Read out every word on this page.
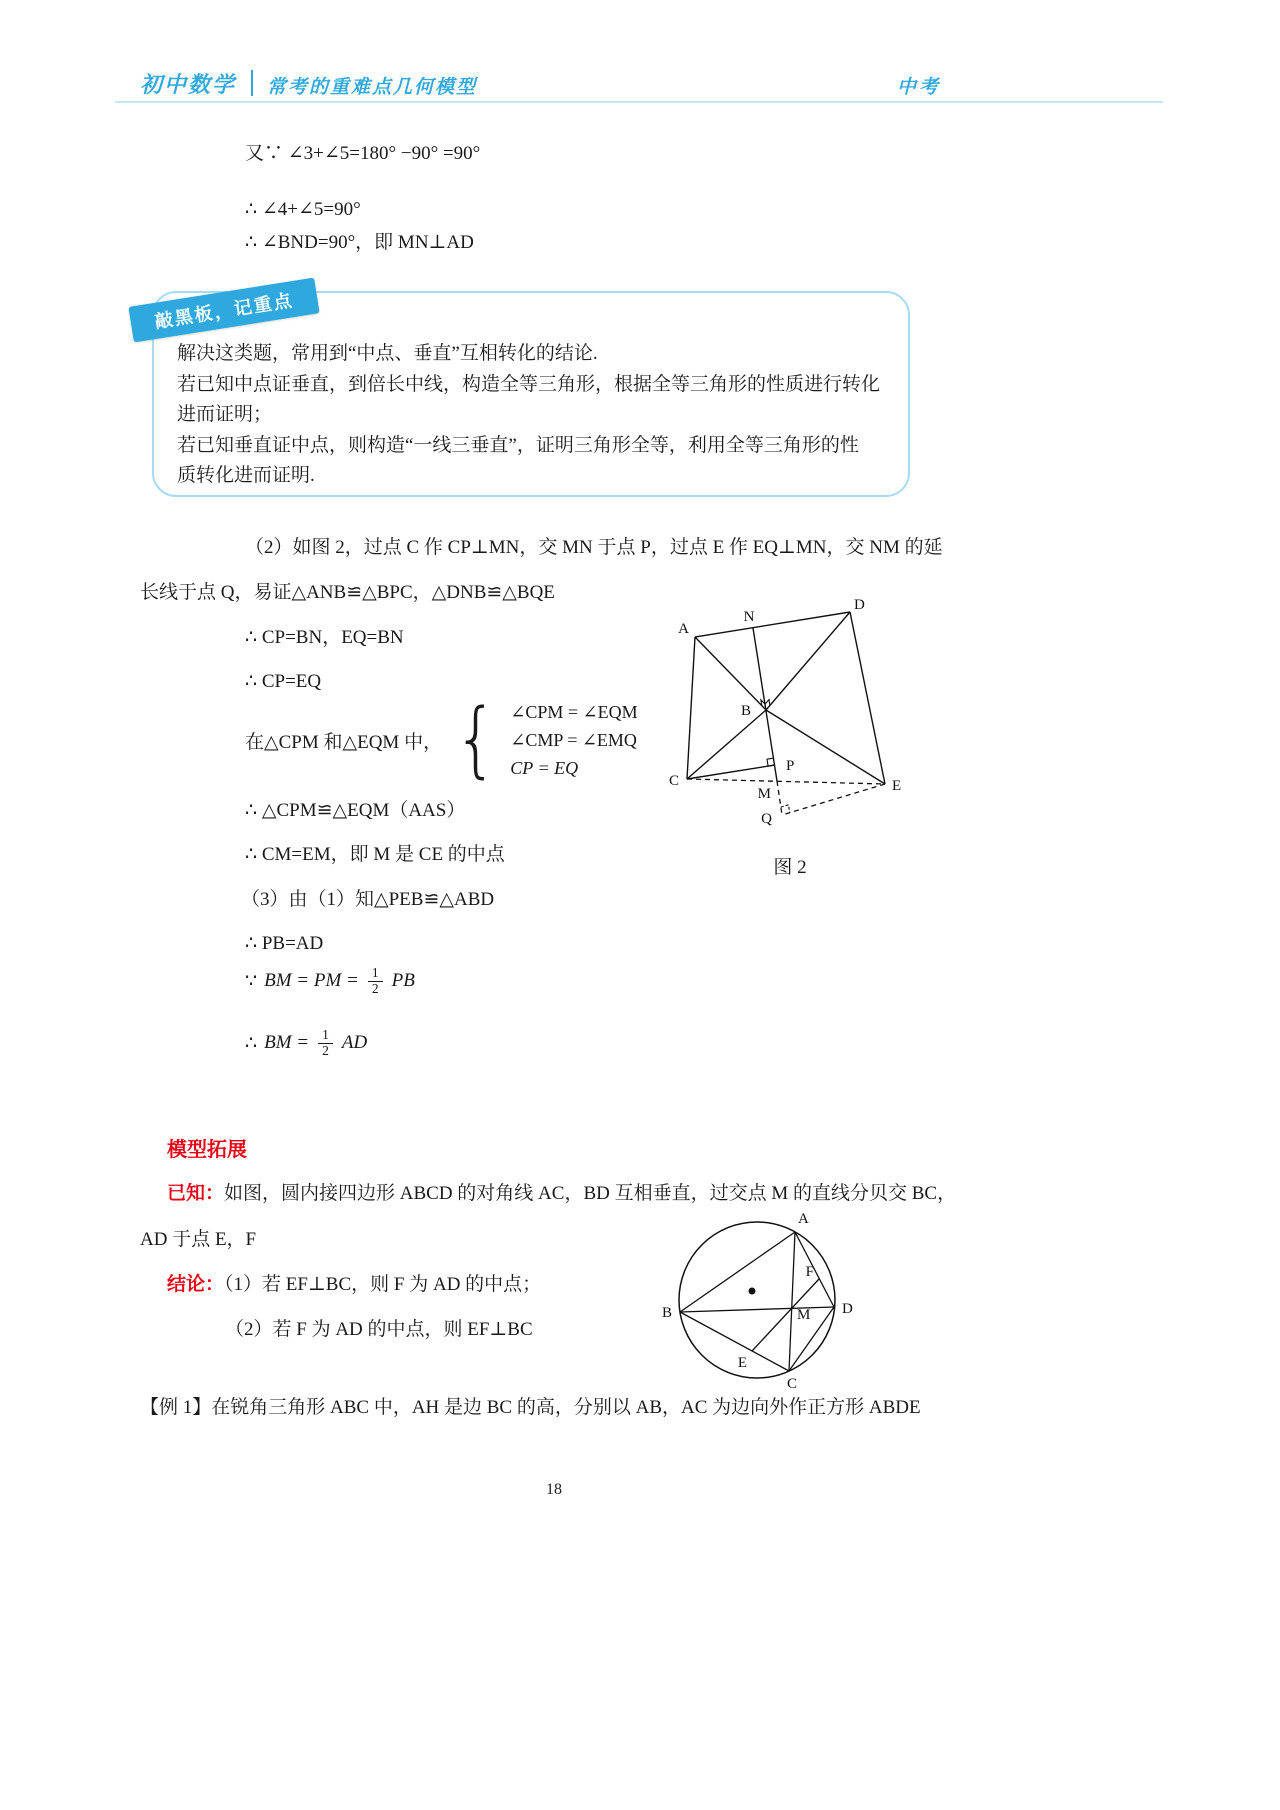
初中数学 常考的重难点几何模型	中考
又∵ ∠3+∠5=180° −90° =90°
∴ ∠4+∠5=90°
∴ ∠BND=90°，即 MN⊥AD
解决这类题，常用到“中点、垂直”互相转化的结论.
若已知中点证垂直，到倍长中线，构造全等三角形，根据全等三角形的性质进行转化
进而证明；
若已知垂直证中点，则构造“一线三垂直”，证明三角形全等，利用全等三角形的性
质转化进而证明.
敲黑板，记重点
（2）如图 2，过点 C 作 CP⊥MN，交 MN 于点 P，过点 E 作 EQ⊥MN，交 NM 的延
长线于点 Q，易证△ANB≌△BPC，△DNB≌△BQE
∴ CP=BN，EQ=BN
∴ CP=EQ
在△CPM 和△EQM 中， { ∠CPM = ∠EQM
∠CMP = ∠EMQ
CP = EQ
∴ △CPM≌△EQM（AAS）
∴ CM=EM，即 M 是 CE 的中点
（3）由（1）知△PEB≌△ABD
∴ PB=AD
∵ BM = PM = $\frac{1}{2}$ PB
∴ BM = $\frac{1}{2}$ AD
N
D
A
B
P
C
M
Q
E
图 2
模型拓展
已知：如图，圆内接四边形 ABCD 的对角线 AC，BD 互相垂直，过交点 M 的直线分贝交 BC，
AD 于点 E，F
结论：（1）若 EF⊥BC，则 F 为 AD 的中点；
（2）若 F 为 AD 的中点，则 EF⊥BC
A
B
C
D
E
F
M
【例 1】在锐角三角形 ABC 中，AH 是边 BC 的高，分别以 AB，AC 为边向外作正方形 ABDE
18
